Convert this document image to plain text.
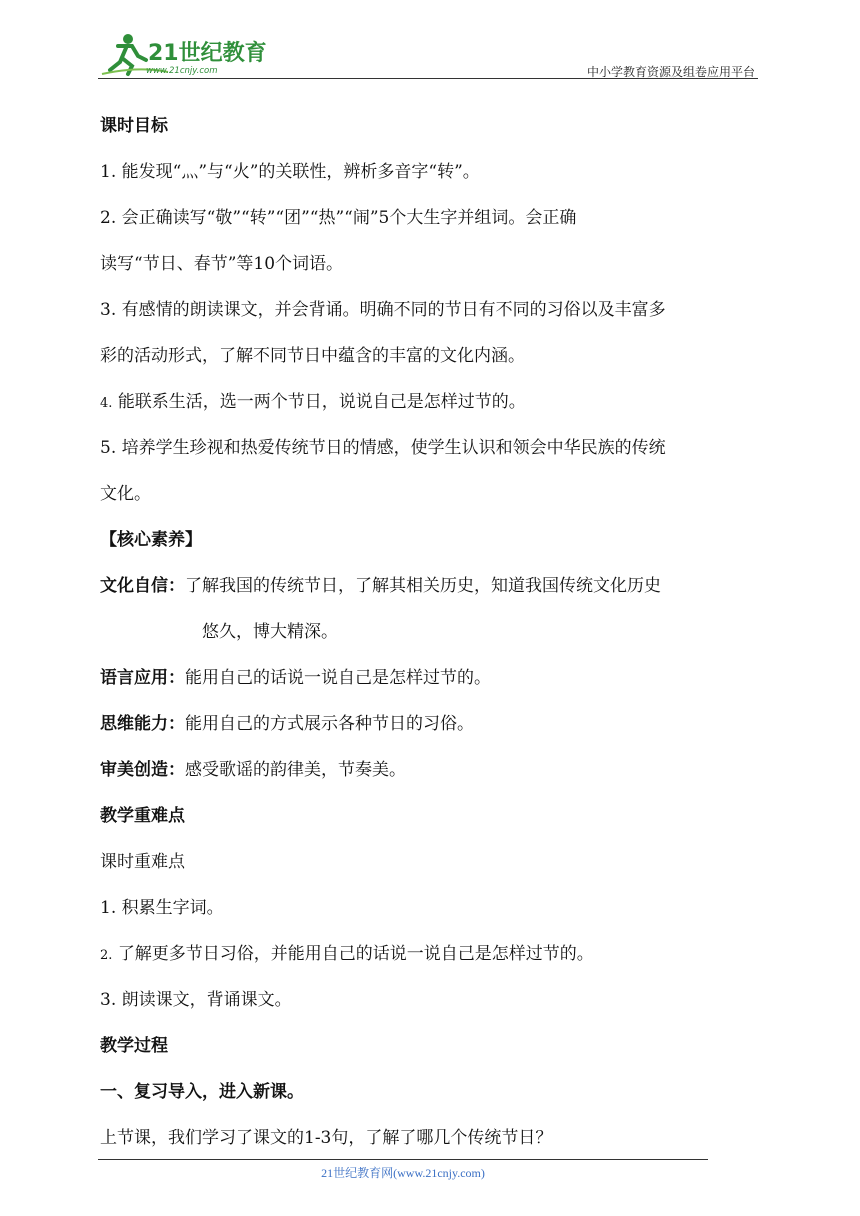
21世纪教育
www.21cnjy.com	中小学教育资源及组卷应用平台
课时目标
1. 能发现“灬”与“火”的关联性，辨析多音字“转”。
2. 会正确读写“敬”“转”“团”“热”“闹”5个大生字并组词。会正确
读写“节日、春节”等10个词语。
3. 有感情的朗读课文，并会背诵。明确不同的节日有不同的习俗以及丰富多
彩的活动形式，了解不同节日中蕴含的丰富的文化内涵。
4. 能联系生活，选一两个节日，说说自己是怎样过节的。
5. 培养学生珍视和热爱传统节日的情感，使学生认识和领会中华民族的传统
文化。
【核心素养】
文化自信： 了解我国的传统节日，了解其相关历史，知道我国传统文化历史
悠久，博大精深。
语言应用： 能用自己的话说一说自己是怎样过节的。
思维能力： 能用自己的方式展示各种节日的习俗。
审美创造： 感受歌谣的韵律美，节奏美。
教学重难点
课时重难点
1. 积累生字词。
2. 了解更多节日习俗，并能用自己的话说一说自己是怎样过节的。
3. 朗读课文，背诵课文。
教学过程
一、复习导入，进入新课。
上节课，我们学习了课文的1-3句，了解了哪几个传统节日？
21世纪教育网(www.21cnjy.com)
